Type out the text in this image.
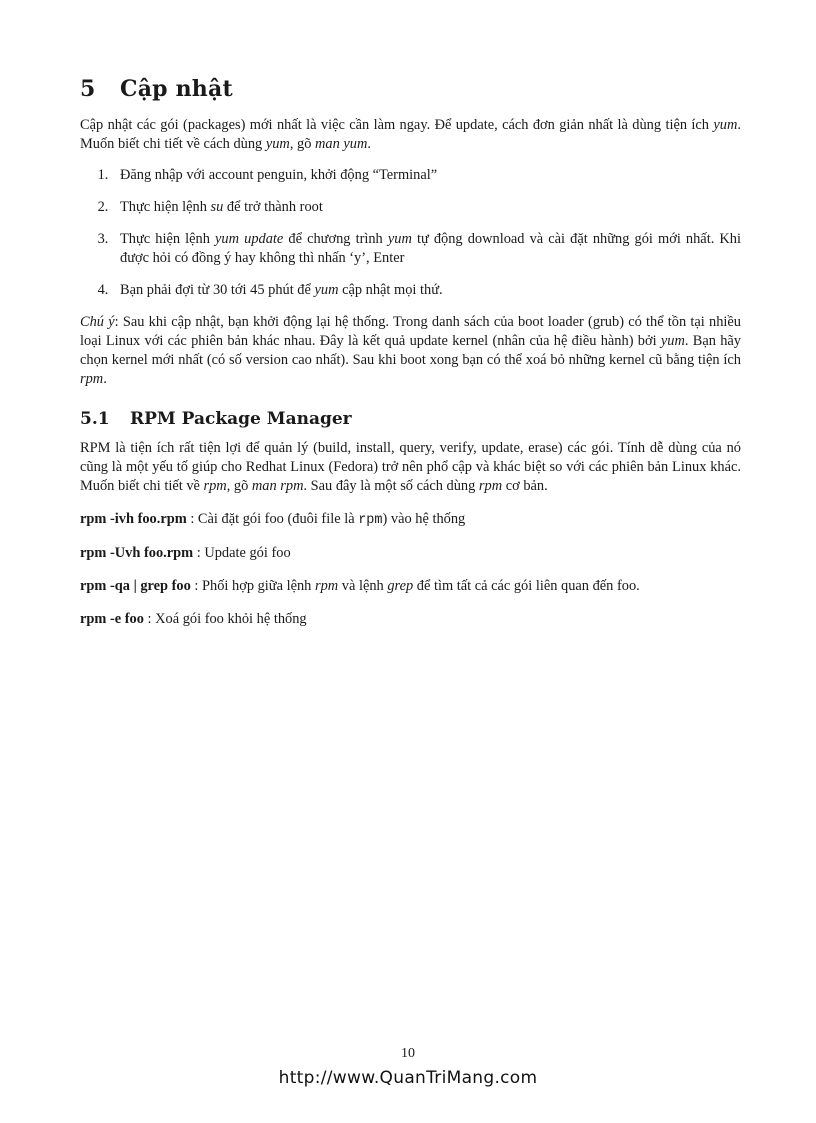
5 Cập nhật

Cập nhật các gói (packages) mới nhất là việc cần làm ngay. Để update, cách đơn giản nhất là dùng tiện ích yum. Muốn biết chi tiết về cách dùng yum, gõ man yum.

1. Đăng nhập với account penguin, khởi động “Terminal”
2. Thực hiện lệnh su để trở thành root
3. Thực hiện lệnh yum update để chương trình yum tự động download và cài đặt những gói mới nhất. Khi được hỏi có đồng ý hay không thì nhấn ‘y’, Enter
4. Bạn phải đợi từ 30 tới 45 phút để yum cập nhật mọi thứ.

Chú ý: Sau khi cập nhật, bạn khởi động lại hệ thống. Trong danh sách của boot loader (grub) có thể tồn tại nhiều loại Linux với các phiên bản khác nhau. Đây là kết quả update kernel (nhân của hệ điều hành) bởi yum. Bạn hãy chọn kernel mới nhất (có số version cao nhất). Sau khi boot xong bạn có thể xoá bỏ những kernel cũ bằng tiện ích rpm.

5.1 RPM Package Manager

RPM là tiện ích rất tiện lợi để quản lý (build, install, query, verify, update, erase) các gói. Tính dễ dùng của nó cũng là một yếu tố giúp cho Redhat Linux (Fedora) trở nên phổ cập và khác biệt so với các phiên bản Linux khác. Muốn biết chi tiết về rpm, gõ man rpm. Sau đây là một số cách dùng rpm cơ bản.

rpm -ivh foo.rpm : Cài đặt gói foo (đuôi file là rpm) vào hệ thống
rpm -Uvh foo.rpm : Update gói foo
rpm -qa | grep foo : Phối hợp giữa lệnh rpm và lệnh grep để tìm tất cả các gói liên quan đến foo.
rpm -e foo : Xoá gói foo khỏi hệ thống
10
http://www.QuanTriMang.com
